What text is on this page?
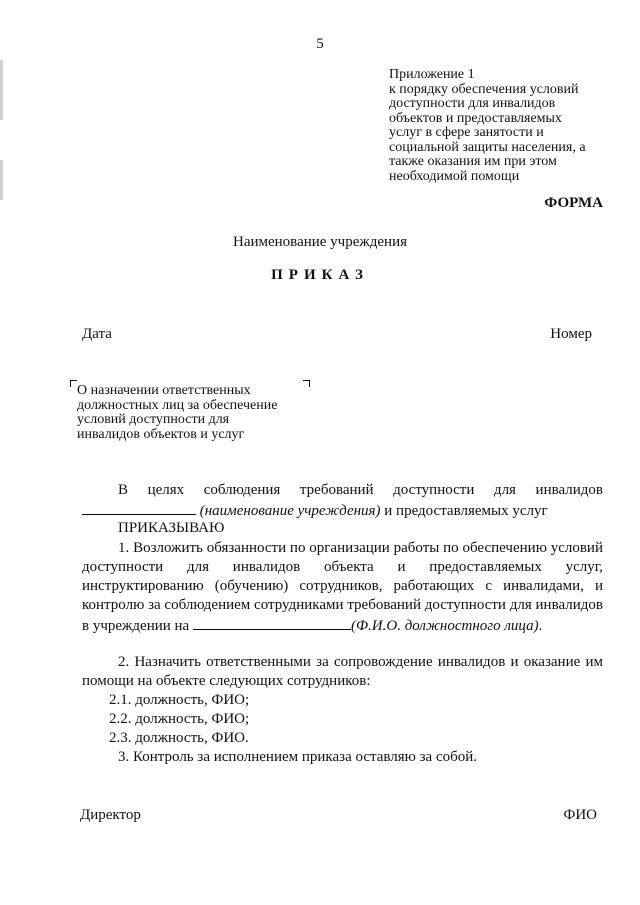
5
Приложение 1
к порядку обеспечения условий
доступности для инвалидов
объектов и предоставляемых
услуг в сфере занятости и
социальной защиты населения, а
также оказания им при этом
необходимой помощи
ФОРМА
Наименование учреждения
ПРИКАЗ
Дата	Номер
О назначении ответственных
должностных лиц за обеспечение
условий доступности для
инвалидов объектов и услуг
В целях соблюдения требований доступности для инвалидов
(наименование учреждения) и предоставляемых услуг
ПРИКАЗЫВАЮ
1. Возложить обязанности по организации работы по обеспечению условий доступности для инвалидов объекта и предоставляемых услуг, инструктированию (обучению) сотрудников, работающих с инвалидами, и контролю за соблюдением сотрудниками требований доступности для инвалидов в учреждении на	(Ф.И.О. должностного лица).
2. Назначить ответственными за сопровождение инвалидов и оказание им помощи на объекте следующих сотрудников:
2.1. должность, ФИО;
2.2. должность, ФИО;
2.3. должность, ФИО.
3. Контроль за исполнением приказа оставляю за собой.
Директор	ФИО
